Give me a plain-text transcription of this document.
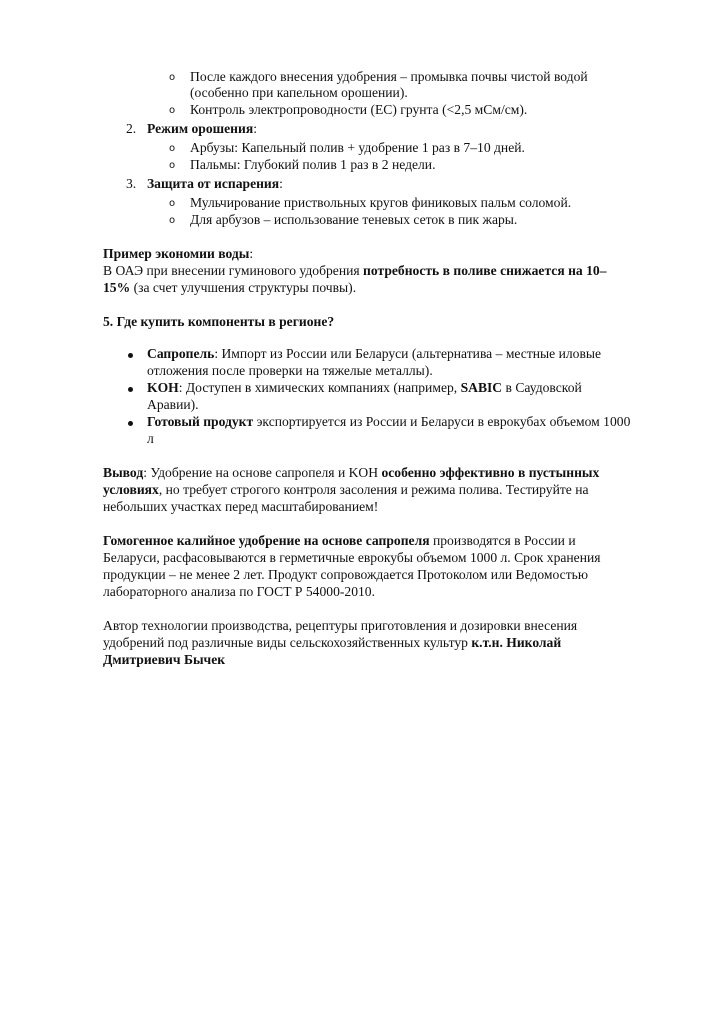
o После каждого внесения удобрения – промывка почвы чистой водой
(особенно при капельном орошении).
o Контроль электропроводности (EC) грунта (<2,5 мСм/см).
2. Режим орошения:
o Арбузы: Капельный полив + удобрение 1 раз в 7–10 дней.
o Пальмы: Глубокий полив 1 раз в 2 недели.
3. Защита от испарения:
o Мульчирование приствольных кругов финиковых пальм соломой.
o Для арбузов – использование теневых сеток в пик жары.
Пример экономии воды:
В ОАЭ при внесении гуминового удобрения потребность в поливе снижается на 10–
15% (за счет улучшения структуры почвы).
5. Где купить компоненты в регионе?
Сапропель: Импорт из России или Беларуси (альтернатива – местные иловые
отложения после проверки на тяжелые металлы).
KOH: Доступен в химических компаниях (например, SABIC в Саудовской
Аравии).
Готовый продукт экспортируется из России и Беларуси в еврокубах объемом 1000
л
Вывод: Удобрение на основе сапропеля и KOH особенно эффективно в пустынных
условиях, но требует строгого контроля засоления и режима полива. Тестируйте на
небольших участках перед масштабированием!
Гомогенное калийное удобрение на основе сапропеля производятся в России и
Беларуси, расфасовываются в герметичные еврокубы объемом 1000 л. Срок хранения
продукции – не менее 2 лет. Продукт сопровождается Протоколом или Ведомостью
лабораторного анализа по ГОСТ Р 54000-2010.
Автор технологии производства, рецептуры приготовления и дозировки внесения
удобрений под различные виды сельскохозяйственных культур к.т.н. Николай
Дмитриевич Бычек
